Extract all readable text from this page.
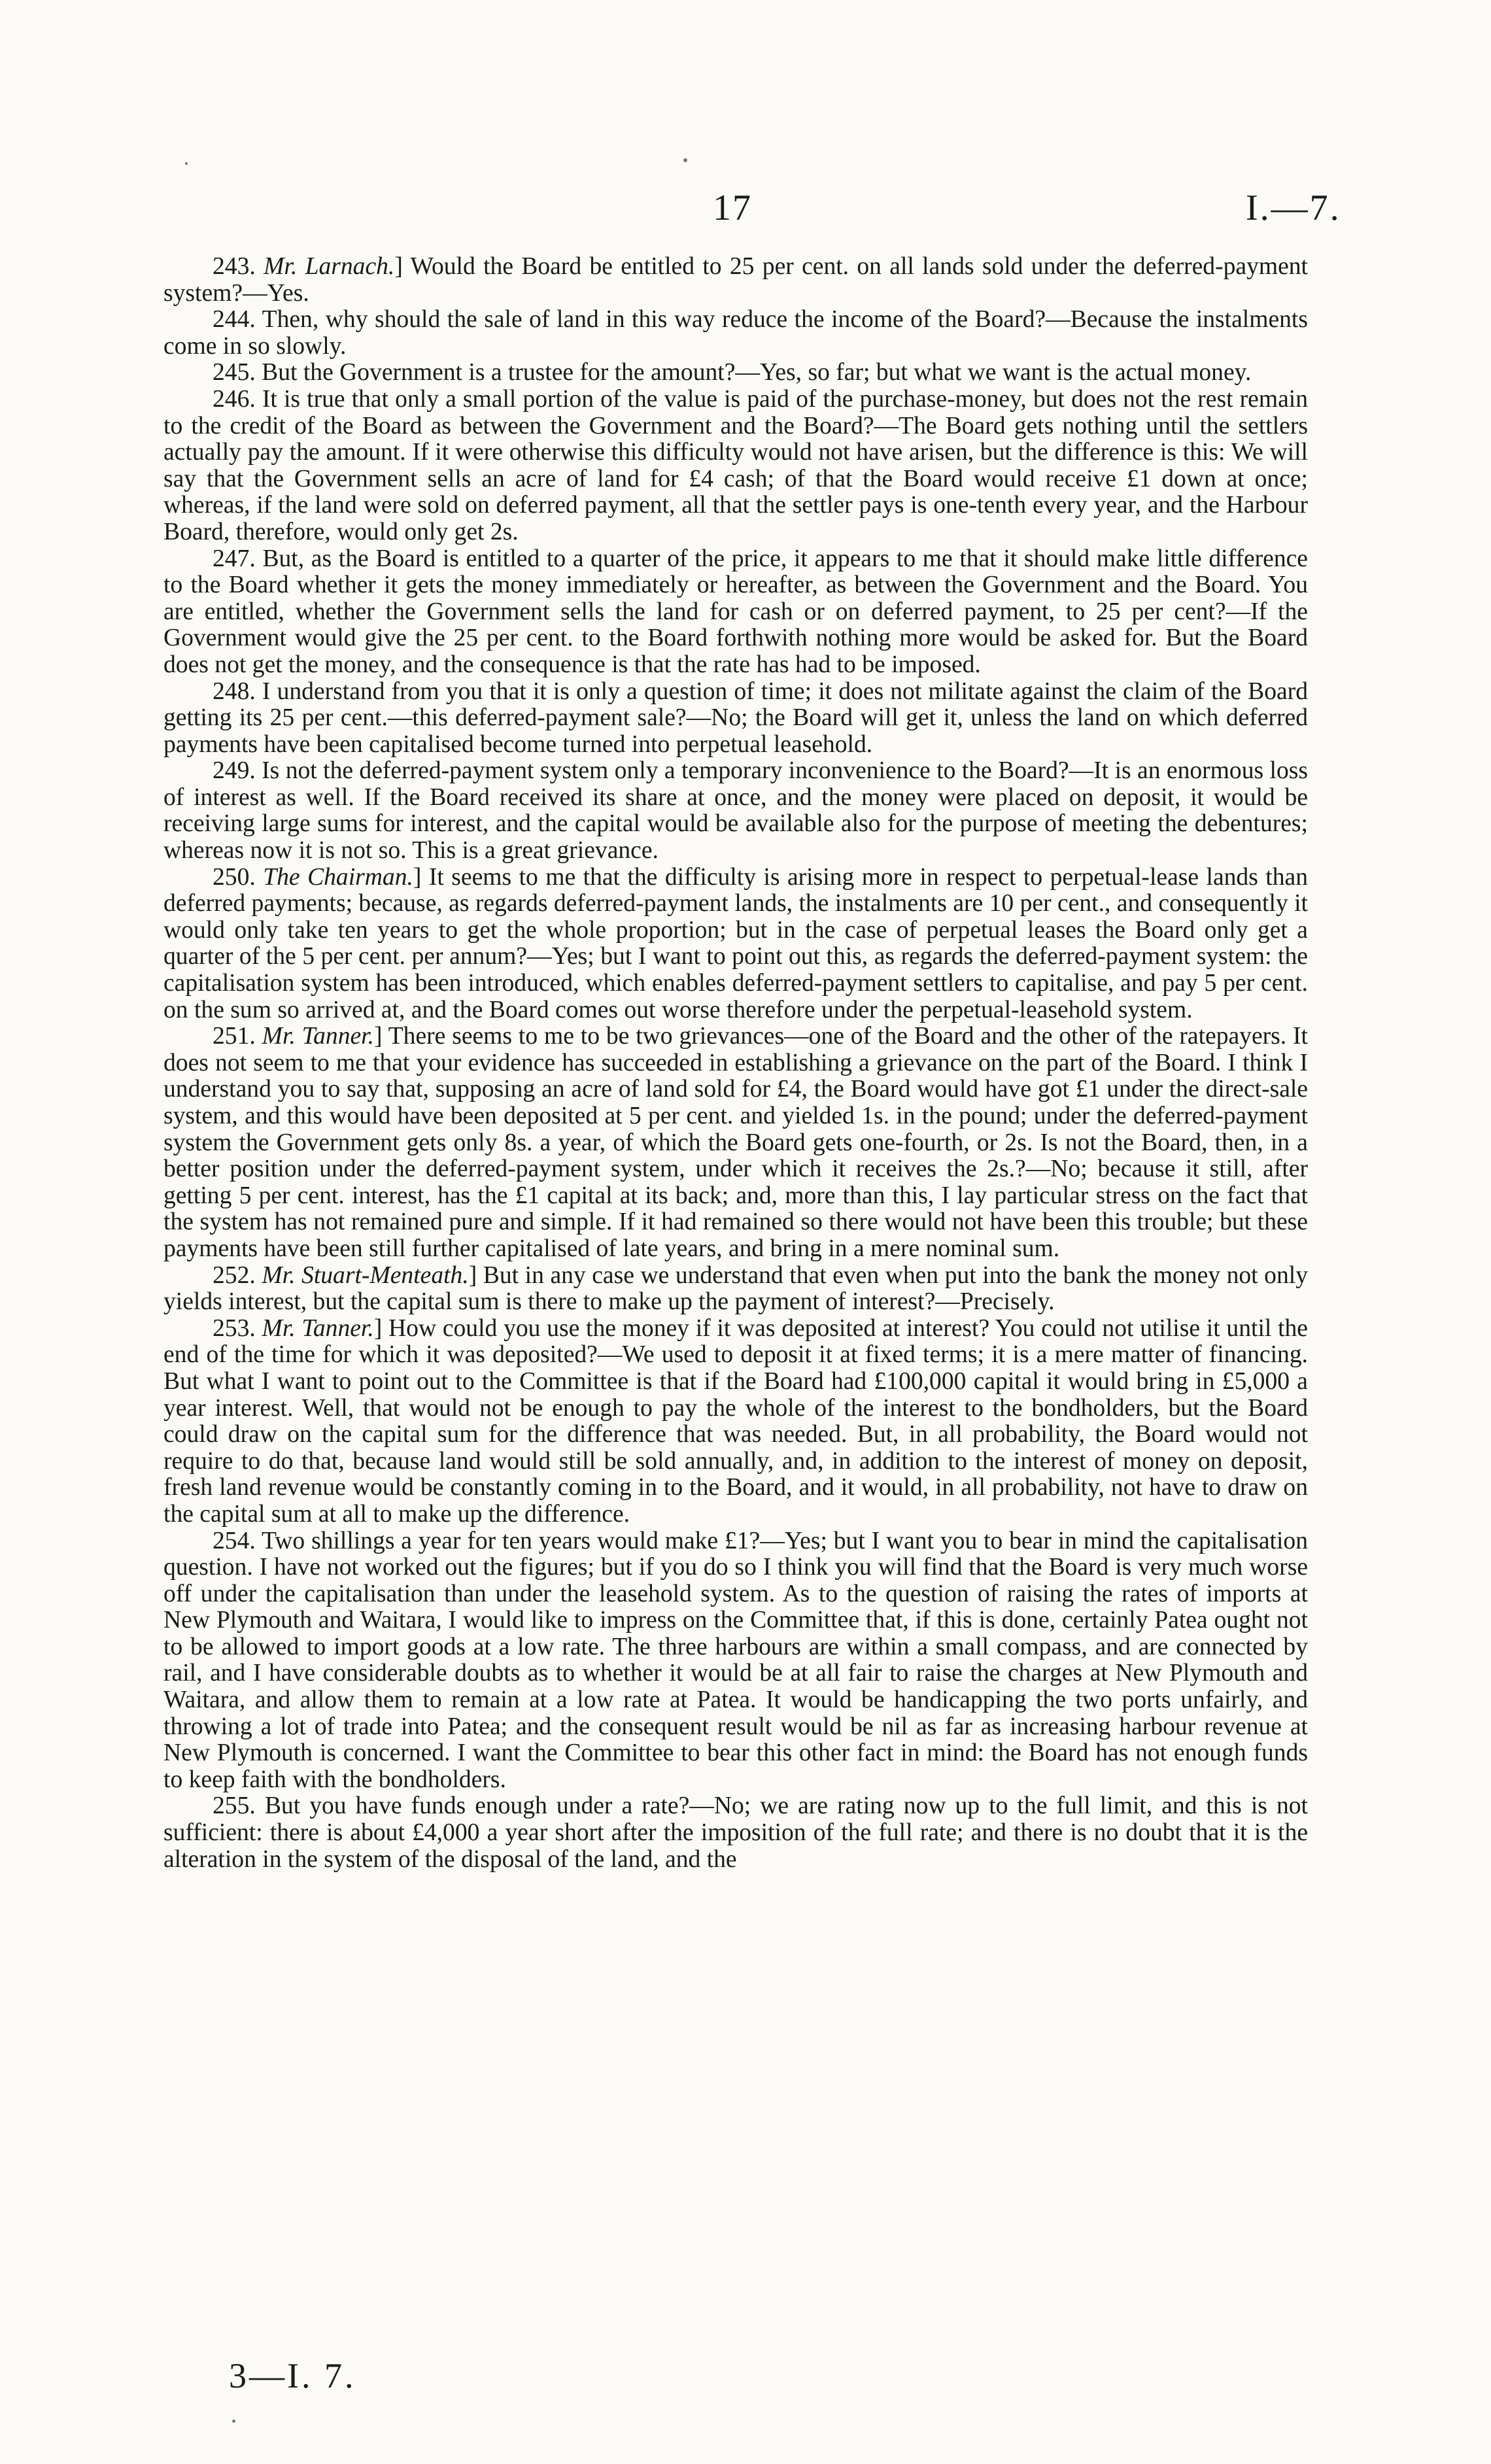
17	I.—7.

243. Mr. Larnach.] Would the Board be entitled to 25 per cent. on all lands sold under the deferred-payment system?—Yes.

244. Then, why should the sale of land in this way reduce the income of the Board?—Because the instalments come in so slowly.

245. But the Government is a trustee for the amount?—Yes, so far; but what we want is the actual money.

246. It is true that only a small portion of the value is paid of the purchase-money, but does not the rest remain to the credit of the Board as between the Government and the Board?—The Board gets nothing until the settlers actually pay the amount. If it were otherwise this difficulty would not have arisen, but the difference is this: We will say that the Government sells an acre of land for £4 cash; of that the Board would receive £1 down at once; whereas, if the land were sold on deferred payment, all that the settler pays is one-tenth every year, and the Harbour Board, therefore, would only get 2s.

247. But, as the Board is entitled to a quarter of the price, it appears to me that it should make little difference to the Board whether it gets the money immediately or hereafter, as between the Government and the Board. You are entitled, whether the Government sells the land for cash or on deferred payment, to 25 per cent?—If the Government would give the 25 per cent. to the Board forthwith nothing more would be asked for. But the Board does not get the money, and the consequence is that the rate has had to be imposed.

248. I understand from you that it is only a question of time; it does not militate against the claim of the Board getting its 25 per cent.—this deferred-payment sale?—No; the Board will get it, unless the land on which deferred payments have been capitalised become turned into perpetual leasehold.

249. Is not the deferred-payment system only a temporary inconvenience to the Board?—It is an enormous loss of interest as well. If the Board received its share at once, and the money were placed on deposit, it would be receiving large sums for interest, and the capital would be available also for the purpose of meeting the debentures; whereas now it is not so. This is a great grievance.

250. The Chairman.] It seems to me that the difficulty is arising more in respect to perpetual-lease lands than deferred payments; because, as regards deferred-payment lands, the instalments are 10 per cent., and consequently it would only take ten years to get the whole proportion; but in the case of perpetual leases the Board only get a quarter of the 5 per cent. per annum?—Yes; but I want to point out this, as regards the deferred-payment system: the capitalisation system has been introduced, which enables deferred-payment settlers to capitalise, and pay 5 per cent. on the sum so arrived at, and the Board comes out worse therefore under the perpetual-leasehold system.

251. Mr. Tanner.] There seems to me to be two grievances—one of the Board and the other of the ratepayers. It does not seem to me that your evidence has succeeded in establishing a grievance on the part of the Board. I think I understand you to say that, supposing an acre of land sold for £4, the Board would have got £1 under the direct-sale system, and this would have been deposited at 5 per cent. and yielded 1s. in the pound; under the deferred-payment system the Government gets only 8s. a year, of which the Board gets one-fourth, or 2s. Is not the Board, then, in a better position under the deferred-payment system, under which it receives the 2s.?—No; because it still, after getting 5 per cent. interest, has the £1 capital at its back; and, more than this, I lay particular stress on the fact that the system has not remained pure and simple. If it had remained so there would not have been this trouble; but these payments have been still further capitalised of late years, and bring in a mere nominal sum.

252. Mr. Stuart-Menteath.] But in any case we understand that even when put into the bank the money not only yields interest, but the capital sum is there to make up the payment of interest?—Precisely.

253. Mr. Tanner.] How could you use the money if it was deposited at interest? You could not utilise it until the end of the time for which it was deposited?—We used to deposit it at fixed terms; it is a mere matter of financing. But what I want to point out to the Committee is that if the Board had £100,000 capital it would bring in £5,000 a year interest. Well, that would not be enough to pay the whole of the interest to the bondholders, but the Board could draw on the capital sum for the difference that was needed. But, in all probability, the Board would not require to do that, because land would still be sold annually, and, in addition to the interest of money on deposit, fresh land revenue would be constantly coming in to the Board, and it would, in all probability, not have to draw on the capital sum at all to make up the difference.

254. Two shillings a year for ten years would make £1?—Yes; but I want you to bear in mind the capitalisation question. I have not worked out the figures; but if you do so I think you will find that the Board is very much worse off under the capitalisation than under the leasehold system. As to the question of raising the rates of imports at New Plymouth and Waitara, I would like to impress on the Committee that, if this is done, certainly Patea ought not to be allowed to import goods at a low rate. The three harbours are within a small compass, and are connected by rail, and I have considerable doubts as to whether it would be at all fair to raise the charges at New Plymouth and Waitara, and allow them to remain at a low rate at Patea. It would be handicapping the two ports unfairly, and throwing a lot of trade into Patea; and the consequent result would be nil as far as increasing harbour revenue at New Plymouth is concerned. I want the Committee to bear this other fact in mind: the Board has not enough funds to keep faith with the bondholders.

255. But you have funds enough under a rate?—No; we are rating now up to the full limit, and this is not sufficient: there is about £4,000 a year short after the imposition of the full rate; and there is no doubt that it is the alteration in the system of the disposal of the land, and the

3—I. 7.
